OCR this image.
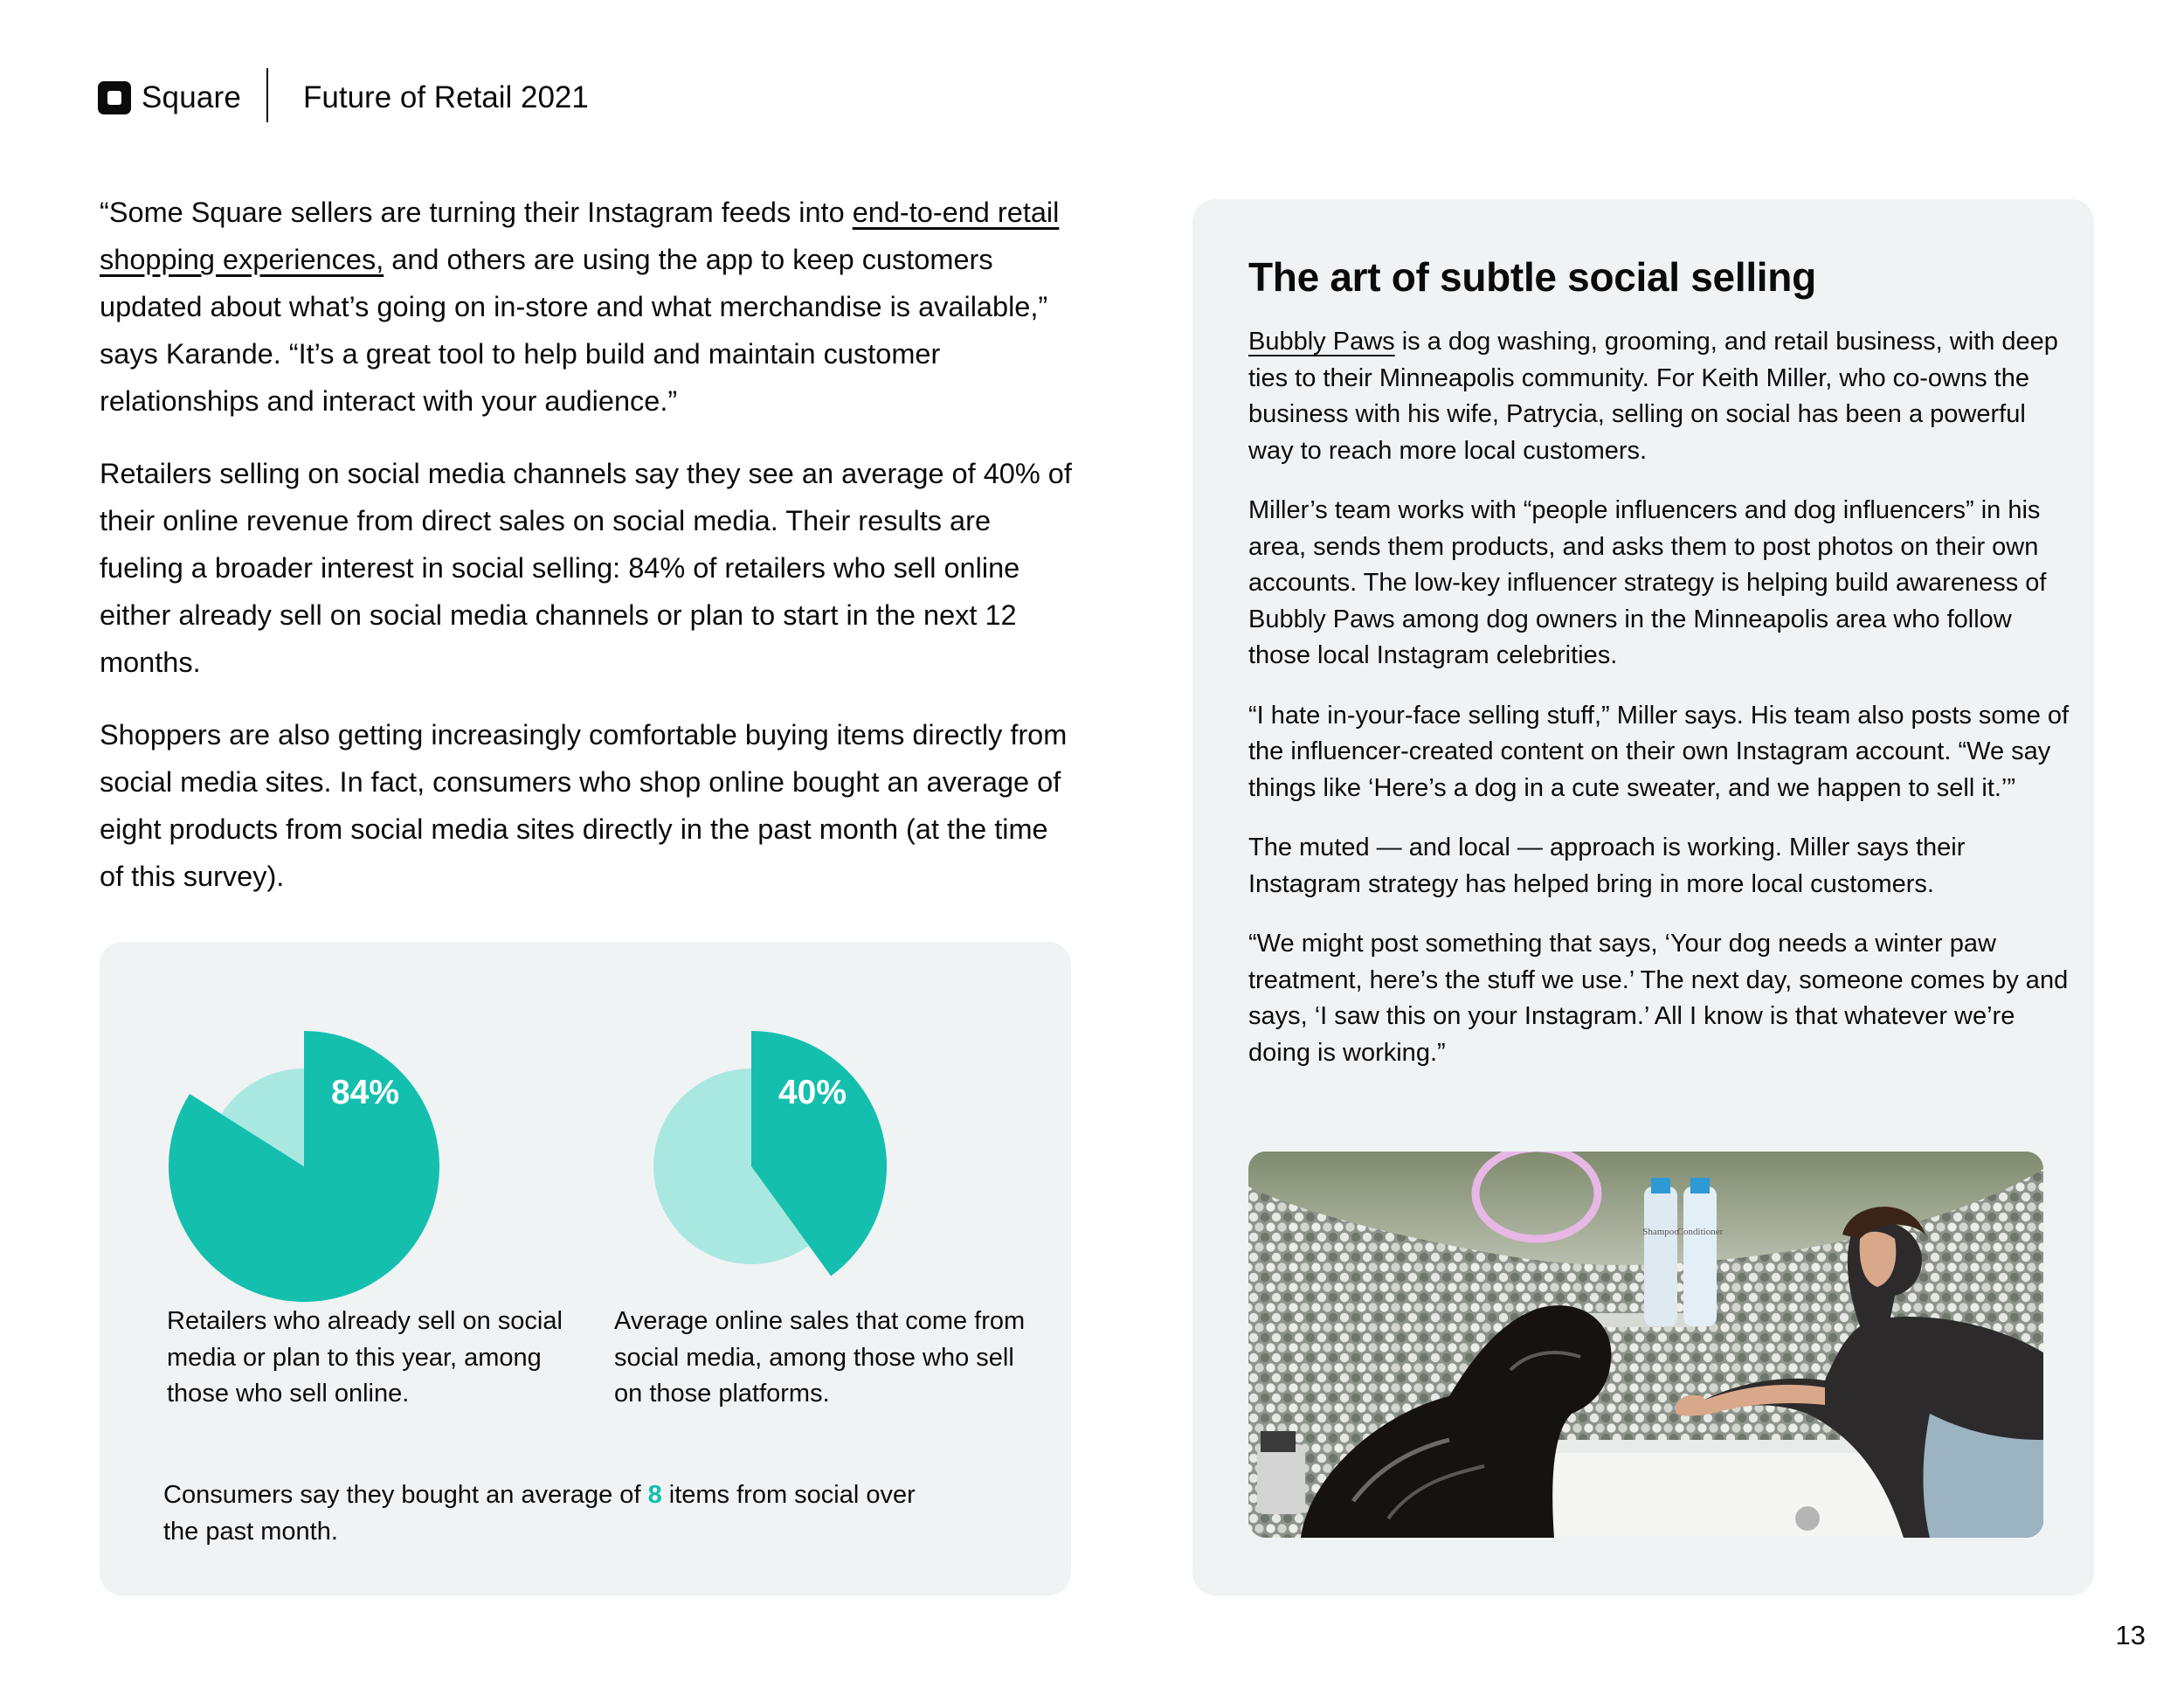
Square Future of Retail 2021

“Some Square sellers are turning their Instagram feeds into end-to-end retail shopping experiences, and others are using the app to keep customers updated about what’s going on in-store and what merchandise is available,” says Karande. “It’s a great tool to help build and maintain customer relationships and interact with your audience.”

Retailers selling on social media channels say they see an average of 40% of their online revenue from direct sales on social media. Their results are fueling a broader interest in social selling: 84% of retailers who sell online either already sell on social media channels or plan to start in the next 12 months.

Shoppers are also getting increasingly comfortable buying items directly from social media sites. In fact, consumers who shop online bought an average of eight products from social media sites directly in the past month (at the time of this survey).

84%	40%
Retailers who already sell on social media or plan to this year, among those who sell online.
Average online sales that come from social media, among those who sell on those platforms.
Consumers say they bought an average of 8 items from social over the past month.
The art of subtle social selling

Bubbly Paws is a dog washing, grooming, and retail business, with deep ties to their Minneapolis community. For Keith Miller, who co-owns the business with his wife, Patrycia, selling on social has been a powerful way to reach more local customers.

Miller’s team works with “people influencers and dog influencers” in his area, sends them products, and asks them to post photos on their own accounts. The low-key influencer strategy is helping build awareness of Bubbly Paws among dog owners in the Minneapolis area who follow those local Instagram celebrities.

“I hate in-your-face selling stuff,” Miller says. His team also posts some of the influencer-created content on their own Instagram account. “We say things like ‘Here’s a dog in a cute sweater, and we happen to sell it.’”

The muted — and local — approach is working. Miller says their Instagram strategy has helped bring in more local customers.

“We might post something that says, ‘Your dog needs a winter paw treatment, here’s the stuff we use.’ The next day, someone comes by and says, ‘I saw this on your Instagram.’ All I know is that whatever we’re doing is working.”

Shampoo
Conditioner
13
